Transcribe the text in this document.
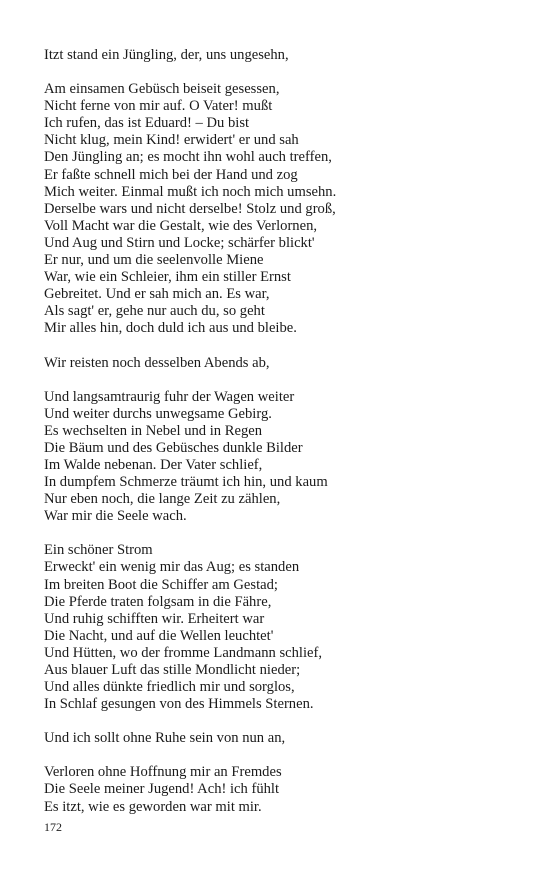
Itzt stand ein Jüngling, der, uns ungesehn,
Am einsamen Gebüsch beiseit gesessen,
Nicht ferne von mir auf. O Vater! mußt
Ich rufen, das ist Eduard! – Du bist
Nicht klug, mein Kind! erwidert' er und sah
Den Jüngling an; es mocht ihn wohl auch treffen,
Er faßte schnell mich bei der Hand und zog
Mich weiter. Einmal mußt ich noch mich umsehn.
Derselbe wars und nicht derselbe! Stolz und groß,
Voll Macht war die Gestalt, wie des Verlornen,
Und Aug und Stirn und Locke; schärfer blickt'
Er nur, und um die seelenvolle Miene
War, wie ein Schleier, ihm ein stiller Ernst
Gebreitet. Und er sah mich an. Es war,
Als sagt' er, gehe nur auch du, so geht
Mir alles hin, doch duld ich aus und bleibe.
Wir reisten noch desselben Abends ab,
Und langsamtraurig fuhr der Wagen weiter
Und weiter durchs unwegsame Gebirg.
Es wechselten in Nebel und in Regen
Die Bäum und des Gebüsches dunkle Bilder
Im Walde nebenan. Der Vater schlief,
In dumpfem Schmerze träumt ich hin, und kaum
Nur eben noch, die lange Zeit zu zählen,
War mir die Seele wach.
Ein schöner Strom
Erweckt' ein wenig mir das Aug; es standen
Im breiten Boot die Schiffer am Gestad;
Die Pferde traten folgsam in die Fähre,
Und ruhig schifften wir. Erheitert war
Die Nacht, und auf die Wellen leuchtet'
Und Hütten, wo der fromme Landmann schlief,
Aus blauer Luft das stille Mondlicht nieder;
Und alles dünkte friedlich mir und sorglos,
In Schlaf gesungen von des Himmels Sternen.
Und ich sollt ohne Ruhe sein von nun an,
Verloren ohne Hoffnung mir an Fremdes
Die Seele meiner Jugend! Ach! ich fühlt
Es itzt, wie es geworden war mit mir.
172
